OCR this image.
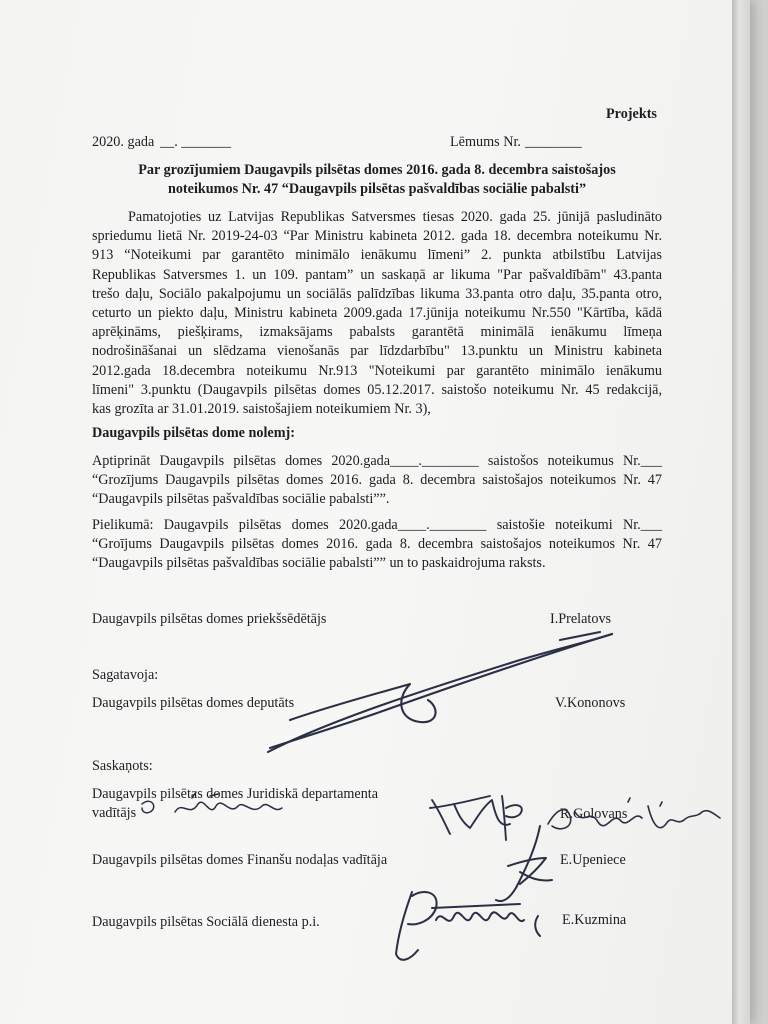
Projekts
2020. gada __. _______	Lēmums Nr. ________
Par grozījumiem Daugavpils pilsētas domes 2016. gada 8. decembra saistošajos
noteikumos Nr. 47 “Daugavpils pilsētas pašvaldības sociālie pabalsti”
Pamatojoties uz Latvijas Republikas Satversmes tiesas 2020. gada 25. jūnijā pasludināto
spriedumu lietā Nr. 2019-24-03 “Par Ministru kabineta 2012. gada 18. decembra noteikumu Nr.
913 “Noteikumi par garantēto minimālo ienākumu līmeni” 2. punkta atbilstību Latvijas
Republikas Satversmes 1. un 109. pantam” un saskaņā ar likuma "Par pašvaldībām" 43.panta
trešo daļu, Sociālo pakalpojumu un sociālās palīdzības likuma 33.panta otro daļu, 35.panta otro,
ceturto un piekto daļu, Ministru kabineta 2009.gada 17.jūnija noteikumu Nr.550 "Kārtība, kādā
aprēķināms, piešķirams, izmaksājams pabalsts garantētā minimālā ienākumu līmeņa
nodrošināšanai un slēdzama vienošanās par līdzdarbību" 13.punktu un Ministru kabineta
2012.gada 18.decembra noteikumu Nr.913 "Noteikumi par garantēto minimālo ienākumu
līmeni" 3.punktu (Daugavpils pilsētas domes 05.12.2017. saistošo noteikumu Nr. 45 redakcijā,
kas grozīta ar 31.01.2019. saistošajiem noteikumiem Nr. 3),
Daugavpils pilsētas dome nolemj:
Aptiprināt Daugavpils pilsētas domes 2020.gada____.________ saistošos noteikumus Nr.___
“Grozījums Daugavpils pilsētas domes 2016. gada 8. decembra saistošajos noteikumos Nr. 47
“Daugavpils pilsētas pašvaldības sociālie pabalsti””.
Pielikumā: Daugavpils pilsētas domes 2020.gada____.________ saistošie noteikumi Nr.___
“Groījums Daugavpils pilsētas domes 2016. gada 8. decembra saistošajos noteikumos Nr. 47
“Daugavpils pilsētas pašvaldības sociālie pabalsti”” un to paskaidrojuma raksts.
Daugavpils pilsētas domes priekšsēdētājs	I.Prelatovs
Sagatavoja:
Daugavpils pilsētas domes deputāts	V.Kononovs
Saskaņots:
Daugavpils pilsētas domes Juridiskā departamenta
vadītājs	R.Golovans
Daugavpils pilsētas domes Finanšu nodaļas vadītāja	E.Upeniece
Daugavpils pilsētas Sociālā dienesta p.i.	E.Kuzmina
